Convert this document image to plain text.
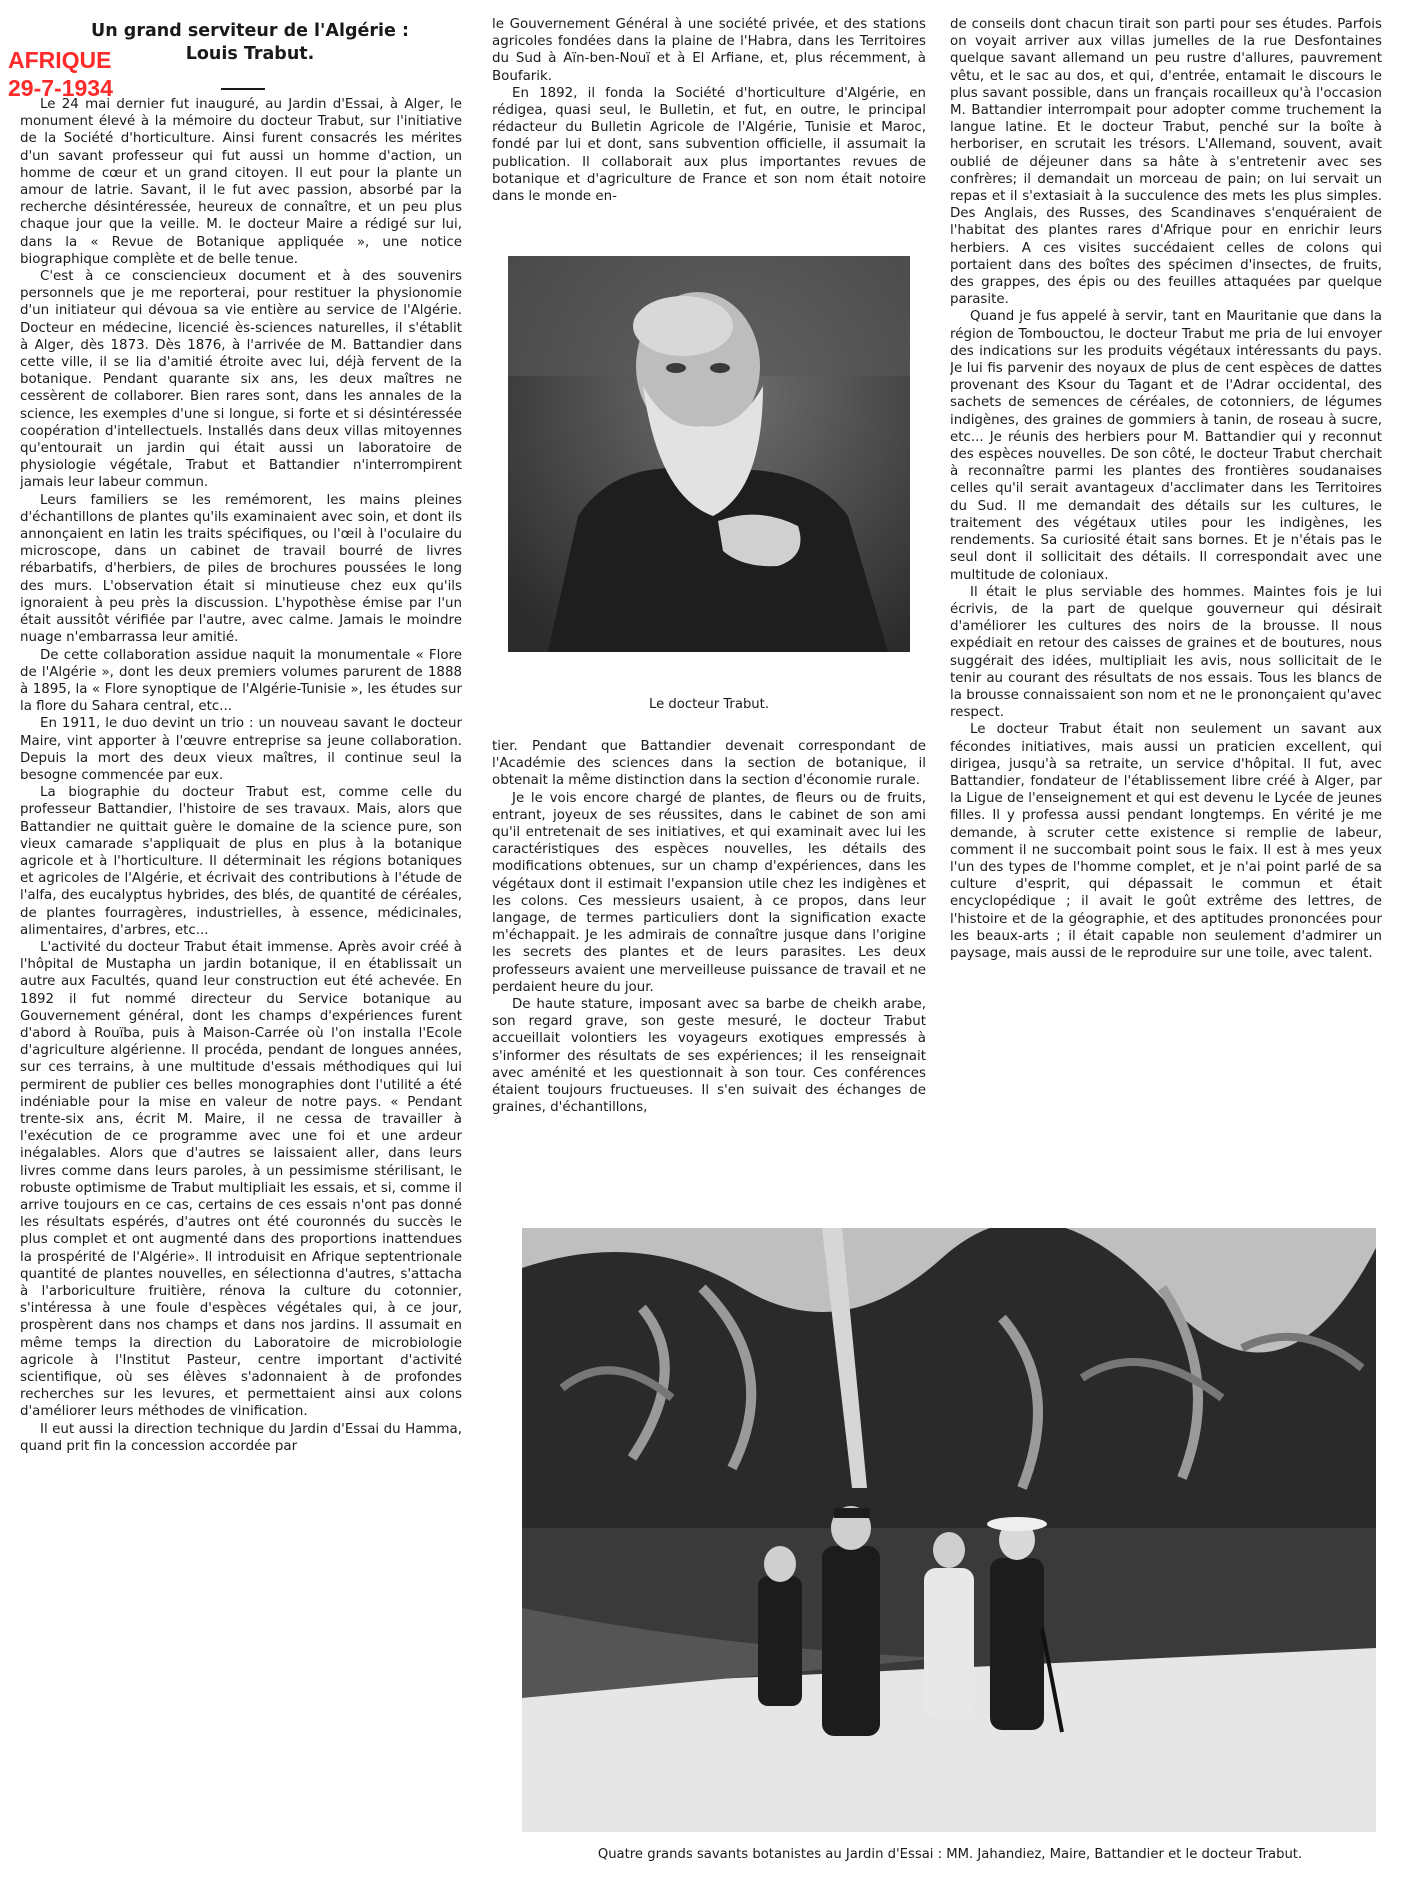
AFRIQUE
29-7-1934
Un grand serviteur de l'Algérie :
Louis Trabut.

Le 24 mai dernier fut inauguré, au Jardin d'Essai, à Alger, le monument élevé à la mémoire du docteur Trabut, sur l'initiative de la Société d'horticulture. Ainsi furent consacrés les mérites d'un savant professeur qui fut aussi un homme d'action, un homme de cœur et un grand citoyen. Il eut pour la plante un amour de latrie. Savant, il le fut avec passion, absorbé par la recherche désintéressée, heureux de connaître, et un peu plus chaque jour que la veille. M. le docteur Maire a rédigé sur lui, dans la « Revue de Botanique appliquée », une notice biographique complète et de belle tenue.

C'est à ce consciencieux document et à des souvenirs personnels que je me reporterai, pour restituer la physionomie d'un initiateur qui dévoua sa vie entière au service de l'Algérie. Docteur en médecine, licencié ès-sciences naturelles, il s'établit à Alger, dès 1873. Dès 1876, à l'arrivée de M. Battandier dans cette ville, il se lia d'amitié étroite avec lui, déjà fervent de la botanique. Pendant quarante six ans, les deux maîtres ne cessèrent de collaborer. Bien rares sont, dans les annales de la science, les exemples d'une si longue, si forte et si désintéressée coopération d'intellectuels. Installés dans deux villas mitoyennes qu'entourait un jardin qui était aussi un laboratoire de physiologie végétale, Trabut et Battandier n'interrompirent jamais leur labeur commun.

Leurs familiers se les remémorent, les mains pleines d'échantillons de plantes qu'ils examinaient avec soin, et dont ils annonçaient en latin les traits spécifiques, ou l'œil à l'oculaire du microscope, dans un cabinet de travail bourré de livres rébarbatifs, d'herbiers, de piles de brochures poussées le long des murs. L'observation était si minutieuse chez eux qu'ils ignoraient à peu près la discussion. L'hypothèse émise par l'un était aussitôt vérifiée par l'autre, avec calme. Jamais le moindre nuage n'embarrassa leur amitié.

De cette collaboration assidue naquit la monumentale « Flore de l'Algérie », dont les deux premiers volumes parurent de 1888 à 1895, la « Flore synoptique de l'Algérie-Tunisie », les études sur la flore du Sahara central, etc...

En 1911, le duo devint un trio : un nouveau savant le docteur Maire, vint apporter à l'œuvre entreprise sa jeune collaboration. Depuis la mort des deux vieux maîtres, il continue seul la besogne commencée par eux.

La biographie du docteur Trabut est, comme celle du professeur Battandier, l'histoire de ses travaux. Mais, alors que Battandier ne quittait guère le domaine de la science pure, son vieux camarade s'appliquait de plus en plus à la botanique agricole et à l'horticulture. Il déterminait les régions botaniques et agricoles de l'Algérie, et écrivait des contributions à l'étude de l'alfa, des eucalyptus hybrides, des blés, de quantité de céréales, de plantes fourragères, industrielles, à essence, médicinales, alimentaires, d'arbres, etc...

L'activité du docteur Trabut était immense. Après avoir créé à l'hôpital de Mustapha un jardin botanique, il en établissait un autre aux Facultés, quand leur construction eut été achevée. En 1892 il fut nommé directeur du Service botanique au Gouvernement général, dont les champs d'expériences furent d'abord à Rouïba, puis à Maison-Carrée où l'on installa l'Ecole d'agriculture algérienne. Il procéda, pendant de longues années, sur ces terrains, à une multitude d'essais méthodiques qui lui permirent de publier ces belles monographies dont l'utilité a été indéniable pour la mise en valeur de notre pays. « Pendant trente-six ans, écrit M. Maire, il ne cessa de travailler à l'exécution de ce programme avec une foi et une ardeur inégalables. Alors que d'autres se laissaient aller, dans leurs livres comme dans leurs paroles, à un pessimisme stérilisant, le robuste optimisme de Trabut multipliait les essais, et si, comme il arrive toujours en ce cas, certains de ces essais n'ont pas donné les résultats espérés, d'autres ont été couronnés du succès le plus complet et ont augmenté dans des proportions inattendues la prospérité de l'Algérie». Il introduisit en Afrique septentrionale quantité de plantes nouvelles, en sélectionna d'autres, s'attacha à l'arboriculture fruitière, rénova la culture du cotonnier, s'intéressa à une foule d'espèces végétales qui, à ce jour, prospèrent dans nos champs et dans nos jardins. Il assumait en même temps la direction du Laboratoire de microbiologie agricole à l'Institut Pasteur, centre important d'activité scientifique, où ses élèves s'adonnaient à de profondes recherches sur les levures, et permettaient ainsi aux colons d'améliorer leurs méthodes de vinification.

Il eut aussi la direction technique du Jardin d'Essai du Hamma, quand prit fin la concession accordée par

le Gouvernement Général à une société privée, et des stations agricoles fondées dans la plaine de l'Habra, dans les Territoires du Sud à Aïn-ben-Nouï et à El Arfiane, et, plus récemment, à Boufarik.

En 1892, il fonda la Société d'horticulture d'Algérie, en rédigea, quasi seul, le Bulletin, et fut, en outre, le principal rédacteur du Bulletin Agricole de l'Algérie, Tunisie et Maroc, fondé par lui et dont, sans subvention officielle, il assumait la publication. Il collaborait aux plus importantes revues de botanique et d'agriculture de France et son nom était notoire dans le monde en-

Le docteur Trabut.

tier. Pendant que Battandier devenait correspondant de l'Académie des sciences dans la section de botanique, il obtenait la même distinction dans la section d'économie rurale.

Je le vois encore chargé de plantes, de fleurs ou de fruits, entrant, joyeux de ses réussites, dans le cabinet de son ami qu'il entretenait de ses initiatives, et qui examinait avec lui les caractéristiques des espèces nouvelles, les détails des modifications obtenues, sur un champ d'expériences, dans les végétaux dont il estimait l'expansion utile chez les indigènes et les colons. Ces messieurs usaient, à ce propos, dans leur langage, de termes particuliers dont la signification exacte m'échappait. Je les admirais de connaître jusque dans l'origine les secrets des plantes et de leurs parasites. Les deux professeurs avaient une merveilleuse puissance de travail et ne perdaient heure du jour.

De haute stature, imposant avec sa barbe de cheikh arabe, son regard grave, son geste mesuré, le docteur Trabut accueillait volontiers les voyageurs exotiques empressés à s'informer des résultats de ses expériences; il les renseignait avec aménité et les questionnait à son tour. Ces conférences étaient toujours fructueuses. Il s'en suivait des échanges de graines, d'échantillons,

de conseils dont chacun tirait son parti pour ses études. Parfois on voyait arriver aux villas jumelles de la rue Desfontaines quelque savant allemand un peu rustre d'allures, pauvrement vêtu, et le sac au dos, et qui, d'entrée, entamait le discours le plus savant possible, dans un français rocailleux qu'à l'occasion M. Battandier interrompait pour adopter comme truchement la langue latine. Et le docteur Trabut, penché sur la boîte à herboriser, en scrutait les trésors. L'Allemand, souvent, avait oublié de déjeuner dans sa hâte à s'entretenir avec ses confrères; il demandait un morceau de pain; on lui servait un repas et il s'extasiait à la succulence des mets les plus simples. Des Anglais, des Russes, des Scandinaves s'enquéraient de l'habitat des plantes rares d'Afrique pour en enrichir leurs herbiers. A ces visites succédaient celles de colons qui portaient dans des boîtes des spécimen d'insectes, de fruits, des grappes, des épis ou des feuilles attaquées par quelque parasite.

Quand je fus appelé à servir, tant en Mauritanie que dans la région de Tombouctou, le docteur Trabut me pria de lui envoyer des indications sur les produits végétaux intéressants du pays. Je lui fis parvenir des noyaux de plus de cent espèces de dattes provenant des Ksour du Tagant et de l'Adrar occidental, des sachets de semences de céréales, de cotonniers, de légumes indigènes, des graines de gommiers à tanin, de roseau à sucre, etc... Je réunis des herbiers pour M. Battandier qui y reconnut des espèces nouvelles. De son côté, le docteur Trabut cherchait à reconnaître parmi les plantes des frontières soudanaises celles qu'il serait avantageux d'acclimater dans les Territoires du Sud. Il me demandait des détails sur les cultures, le traitement des végétaux utiles pour les indigènes, les rendements. Sa curiosité était sans bornes. Et je n'étais pas le seul dont il sollicitait des détails. Il correspondait avec une multitude de coloniaux.

Il était le plus serviable des hommes. Maintes fois je lui écrivis, de la part de quelque gouverneur qui désirait d'améliorer les cultures des noirs de la brousse. Il nous expédiait en retour des caisses de graines et de boutures, nous suggérait des idées, multipliait les avis, nous sollicitait de le tenir au courant des résultats de nos essais. Tous les blancs de la brousse connaissaient son nom et ne le prononçaient qu'avec respect.

Le docteur Trabut était non seulement un savant aux fécondes initiatives, mais aussi un praticien excellent, qui dirigea, jusqu'à sa retraite, un service d'hôpital. Il fut, avec Battandier, fondateur de l'établissement libre créé à Alger, par la Ligue de l'enseignement et qui est devenu le Lycée de jeunes filles. Il y professa aussi pendant longtemps. En vérité je me demande, à scruter cette existence si remplie de labeur, comment il ne succombait point sous le faix. Il est à mes yeux l'un des types de l'homme complet, et je n'ai point parlé de sa culture d'esprit, qui dépassait le commun et était encyclopédique ; il avait le goût extrême des lettres, de l'histoire et de la géographie, et des aptitudes prononcées pour les beaux-arts ; il était capable non seulement d'admirer un paysage, mais aussi de le reproduire sur une toile, avec talent.

Quatre grands savants botanistes au Jardin d'Essai : MM. Jahandiez, Maire, Battandier et le docteur Trabut.
